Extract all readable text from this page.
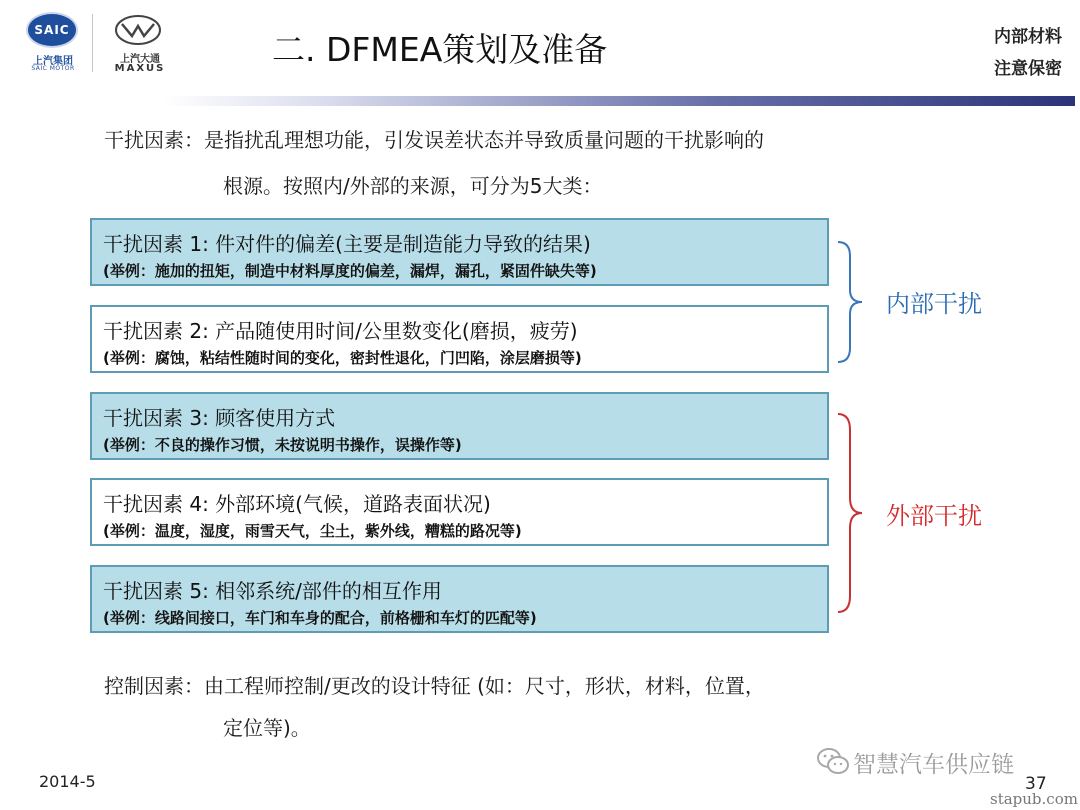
SAIC
上汽集团
SAIC MOTOR
上汽大通
MAXUS	二. DFMEA策划及准备	内部材料
注意保密
干扰因素：是指扰乱理想功能，引发误差状态并导致质量问题的干扰影响的
根源。按照内/外部的来源，可分为5大类：
干扰因素 1: 件对件的偏差(主要是制造能力导致的结果)
(举例：施加的扭矩，制造中材料厚度的偏差，漏焊，漏孔，紧固件缺失等)
干扰因素 2: 产品随使用时间/公里数变化(磨损，疲劳)
(举例：腐蚀，粘结性随时间的变化，密封性退化，门凹陷，涂层磨损等)
干扰因素 3: 顾客使用方式
(举例：不良的操作习惯，未按说明书操作，误操作等)
干扰因素 4: 外部环境(气候，道路表面状况)
(举例：温度，湿度，雨雪天气，尘土，紫外线，糟糕的路况等)
干扰因素 5: 相邻系统/部件的相互作用
(举例：线路间接口，车门和车身的配合，前格栅和车灯的匹配等)
内部干扰
外部干扰
控制因素：由工程师控制/更改的设计特征 (如：尺寸，形状，材料，位置，
定位等)。
2014-5
智慧汽车供应链
37
stapub.com
